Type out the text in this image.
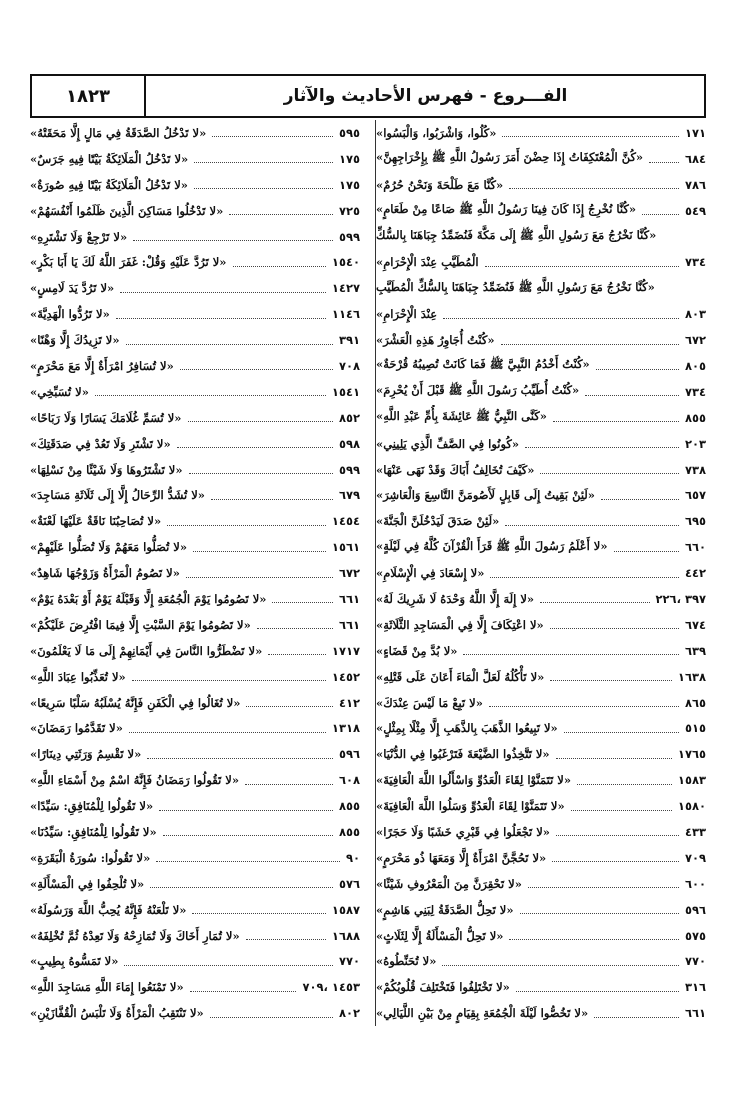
الفـــروع - فهرس الأحاديث والآثار
١٨٢٣
«كُلُوا، وَاشْرَبُوا، وَالْبَسُوا»	١٧١
«كُنَّ الْمُعْتَكِفَاتُ إِذَا حِضْنَ أَمَرَ رَسُولُ اللَّهِ ﷺ بِإِخْرَاجِهِنَّ»	٦٨٤
«كُنَّا مَعَ طَلْحَةَ وَنَحْنُ حُرُمٌ»	٧٨٦
«كُنَّا نُخْرِجُ إِذَا كَانَ فِينَا رَسُولُ اللَّهِ ﷺ صَاعًا مِنْ طَعَامٍ»	٥٤٩
«كُنَّا نَخْرُجُ مَعَ رَسُولِ اللَّهِ ﷺ إِلَى مَكَّةَ فَنُضَمِّدُ جِبَاهَنَا بِالسُّكِّ
الْمُطَيَّبِ عِنْدَ الْإِحْرَامِ»	٧٣٤
«كُنَّا نَخْرُجُ مَعَ رَسُولِ اللَّهِ ﷺ فَنُضَمِّدُ جِبَاهَنَا بِالسُّكِّ الْمُطَيَّبِ
عِنْدَ الْإِحْرَامِ»	٨٠٣
«كُنْتُ أُجَاوِرُ هَذِهِ الْعَشْرَ»	٦٧٢
«كُنْتُ أَخْدُمُ النَّبِيَّ ﷺ فَمَا كَانَتْ تُصِيبُهُ قُرْحَةٌ»	٨٠٥
«كُنْتُ أُطَيِّبُ رَسُولَ اللَّهِ ﷺ قَبْلَ أَنْ يُحْرِمَ»	٧٣٤
«كَنَّى النَّبِيُّ ﷺ عَائِشَةَ بِأُمِّ عَبْدِ اللَّهِ»	٨٥٥
«كُونُوا فِي الصَّفِّ الَّذِي يَلِينِي»	٢٠٣
«كَيْفَ تُخَالِفُ أَبَاكَ وَقَدْ نَهَى عَنْهَا»	٧٣٨
«لَئِنْ بَقِيتُ إِلَى قَابِلٍ لَأَصُومَنَّ التَّاسِعَ وَالْعَاشِرَ»	٦٥٧
«لَئِنْ صَدَقَ لَيَدْخُلَنَّ الْجَنَّةَ»	٦٩٥
«لا أَعْلَمُ رَسُولَ اللَّهِ ﷺ قَرَأَ الْقُرْآنَ كُلَّهُ فِي لَيْلَةٍ»	٦٦٠
«لا إِسْعَادَ فِي الْإِسْلَامِ»	٤٤٢
«لا إِلَهَ إِلَّا اللَّهُ وَحْدَهُ لَا شَرِيكَ لَهُ»	٣٩٧ ،٢٢٦
«لا اعْتِكَافَ إِلَّا فِي الْمَسَاجِدِ الثَّلَاثَةِ»	٦٧٤
«لا بُدَّ مِنْ قَضَاءٍ»	٦٣٩
«لا تَأْكُلُهُ لَعَلَّ الْمَاءَ أَعَانَ عَلَى قَتْلِهِ»	١٦٣٨
«لا تَبِعْ مَا لَيْسَ عِنْدَكَ»	٨٦٥
«لا تَبِيعُوا الذَّهَبَ بِالذَّهَبِ إِلَّا مِثْلًا بِمِثْلٍ»	٥١٥
«لا تَتَّخِذُوا الضَّيْعَةَ فَتَرْغَبُوا فِي الدُّنْيَا»	١٧٦٥
«لا تَتَمَنَّوْا لِقَاءَ الْعَدُوِّ وَاسْأَلُوا اللَّهَ الْعَافِيَةَ»	١٥٨٣
«لا تَتَمَنَّوْا لِقَاءَ الْعَدُوِّ وَسَلُوا اللَّهَ الْعَافِيَةَ»	١٥٨٠
«لا تَجْعَلُوا فِي قَبْرِي خَشَبًا وَلَا حَجَرًا»	٤٣٣
«لا تَحُجَّنَّ امْرَأَةٌ إِلَّا وَمَعَهَا ذُو مَحْرَمٍ»	٧٠٩
«لا تَحْقِرَنَّ مِنَ الْمَعْرُوفِ شَيْئًا»	٦٠٠
«لا تَحِلُّ الصَّدَقَةُ لِبَنِي هَاشِمٍ»	٥٩٦
«لا تَحِلُّ الْمَسْأَلَةُ إِلَّا لِثَلَاثٍ»	٥٧٥
«لا تُحَنِّطُوهُ»	٧٧٠
«لا تَخْتَلِفُوا فَتَخْتَلِفَ قُلُوبُكُمْ»	٣١٦
«لا تَخُصُّوا لَيْلَةَ الْجُمُعَةِ بِقِيَامٍ مِنْ بَيْنِ اللَّيَالِي»	٦٦١
«لا تَدْخُلُ الصَّدَقَةُ فِي مَالٍ إِلَّا مَحَقَتْهُ»	٥٩٥
«لا تَدْخُلُ الْمَلَائِكَةُ بَيْتًا فِيهِ جَرَسٌ»	١٧٥
«لا تَدْخُلُ الْمَلَائِكَةُ بَيْتًا فِيهِ صُورَةٌ»	١٧٥
«لا تَدْخُلُوا مَسَاكِنَ الَّذِينَ ظَلَمُوا أَنْفُسَهُمْ»	٧٢٥
«لا تَرْجِعْ وَلَا تَشْتَرِهِ»	٥٩٩
«لا تَرُدَّ عَلَيْهِ وَقُلْ: غَفَرَ اللَّهُ لَكَ يَا أَبَا بَكْرٍ»	١٥٤٠
«لا تَرُدَّ يَدَ لَامِسٍ»	١٤٢٧
«لا تَرُدُّوا الْهَدِيَّةَ»	١١٤٦
«لا تَزِيدُكَ إِلَّا وَهْنًا»	٣٩١
«لا تُسَافِرُ امْرَأَةٌ إِلَّا مَعَ مَحْرَمٍ»	٧٠٨
«لا تُسَبِّخِي»	١٥٤١
«لا تُسَمِّ غُلَامَكَ يَسَارًا وَلَا رَبَاحًا»	٨٥٢
«لا تَشْتَرِ وَلَا تَعُدْ فِي صَدَقَتِكَ»	٥٩٨
«لا تَشْتَرُوهَا وَلَا شَيْئًا مِنْ نَسْلِهَا»	٥٩٩
«لا تُشَدُّ الرِّحَالُ إِلَّا إِلَى ثَلَاثَةِ مَسَاجِدَ»	٦٧٩
«لا تُصَاحِبُنَا نَاقَةٌ عَلَيْهَا لَعْنَةٌ»	١٤٥٤
«لا تُصَلُّوا مَعَهُمْ وَلَا تُصَلُّوا عَلَيْهِمْ»	١٥٦١
«لا تَصُومُ الْمَرْأَةُ وَزَوْجُهَا شَاهِدٌ»	٦٧٢
«لا تَصُومُوا يَوْمَ الْجُمُعَةِ إِلَّا وَقَبْلَهُ يَوْمٌ أَوْ بَعْدَهُ يَوْمٌ»	٦٦١
«لا تَصُومُوا يَوْمَ السَّبْتِ إِلَّا فِيمَا افْتُرِضَ عَلَيْكُمْ»	٦٦١
«لا تَضْطَرُّوا النَّاسَ فِي أَيْمَانِهِمْ إِلَى مَا لَا يَعْلَمُونَ»	١٧١٧
«لا تُعَذِّبُوا عِبَادَ اللَّهِ»	١٤٥٢
«لا تُغَالُوا فِي الْكَفَنِ فَإِنَّهُ يُسْلَبُهُ سَلْبًا سَرِيعًا»	٤١٢
«لا تَقَدَّمُوا رَمَضَانَ»	١٣١٨
«لا تَقْسِمُ وَرَثَتِي دِينَارًا»	٥٩٦
«لا تَقُولُوا رَمَضَانُ فَإِنَّهُ اسْمٌ مِنْ أَسْمَاءِ اللَّهِ»	٦٠٨
«لا تَقُولُوا لِلْمُنَافِقِ: سَيِّدًا»	٨٥٥
«لا تَقُولُوا لِلْمُنَافِقِ: سَيِّدُنَا»	٨٥٥
«لا تَقُولُوا: سُورَةُ الْبَقَرَةِ»	٩٠
«لا تُلْحِفُوا فِي الْمَسْأَلَةِ»	٥٧٦
«لا تَلْعَنْهُ فَإِنَّهُ يُحِبُّ اللَّهَ وَرَسُولَهُ»	١٥٨٧
«لا تُمَارِ أَخَاكَ وَلَا تُمَازِحْهُ وَلَا تَعِدْهُ ثُمَّ تُخْلِفَهُ»	١٦٨٨
«لا تَمَسُّوهُ بِطِيبٍ»	٧٧٠
«لا تَمْنَعُوا إِمَاءَ اللَّهِ مَسَاجِدَ اللَّهِ»	١٤٥٣ ،٧٠٩
«لا تَنْتَقِبُ الْمَرْأَةُ وَلَا تَلْبَسُ الْقُفَّازَيْنِ»	٨٠٢
